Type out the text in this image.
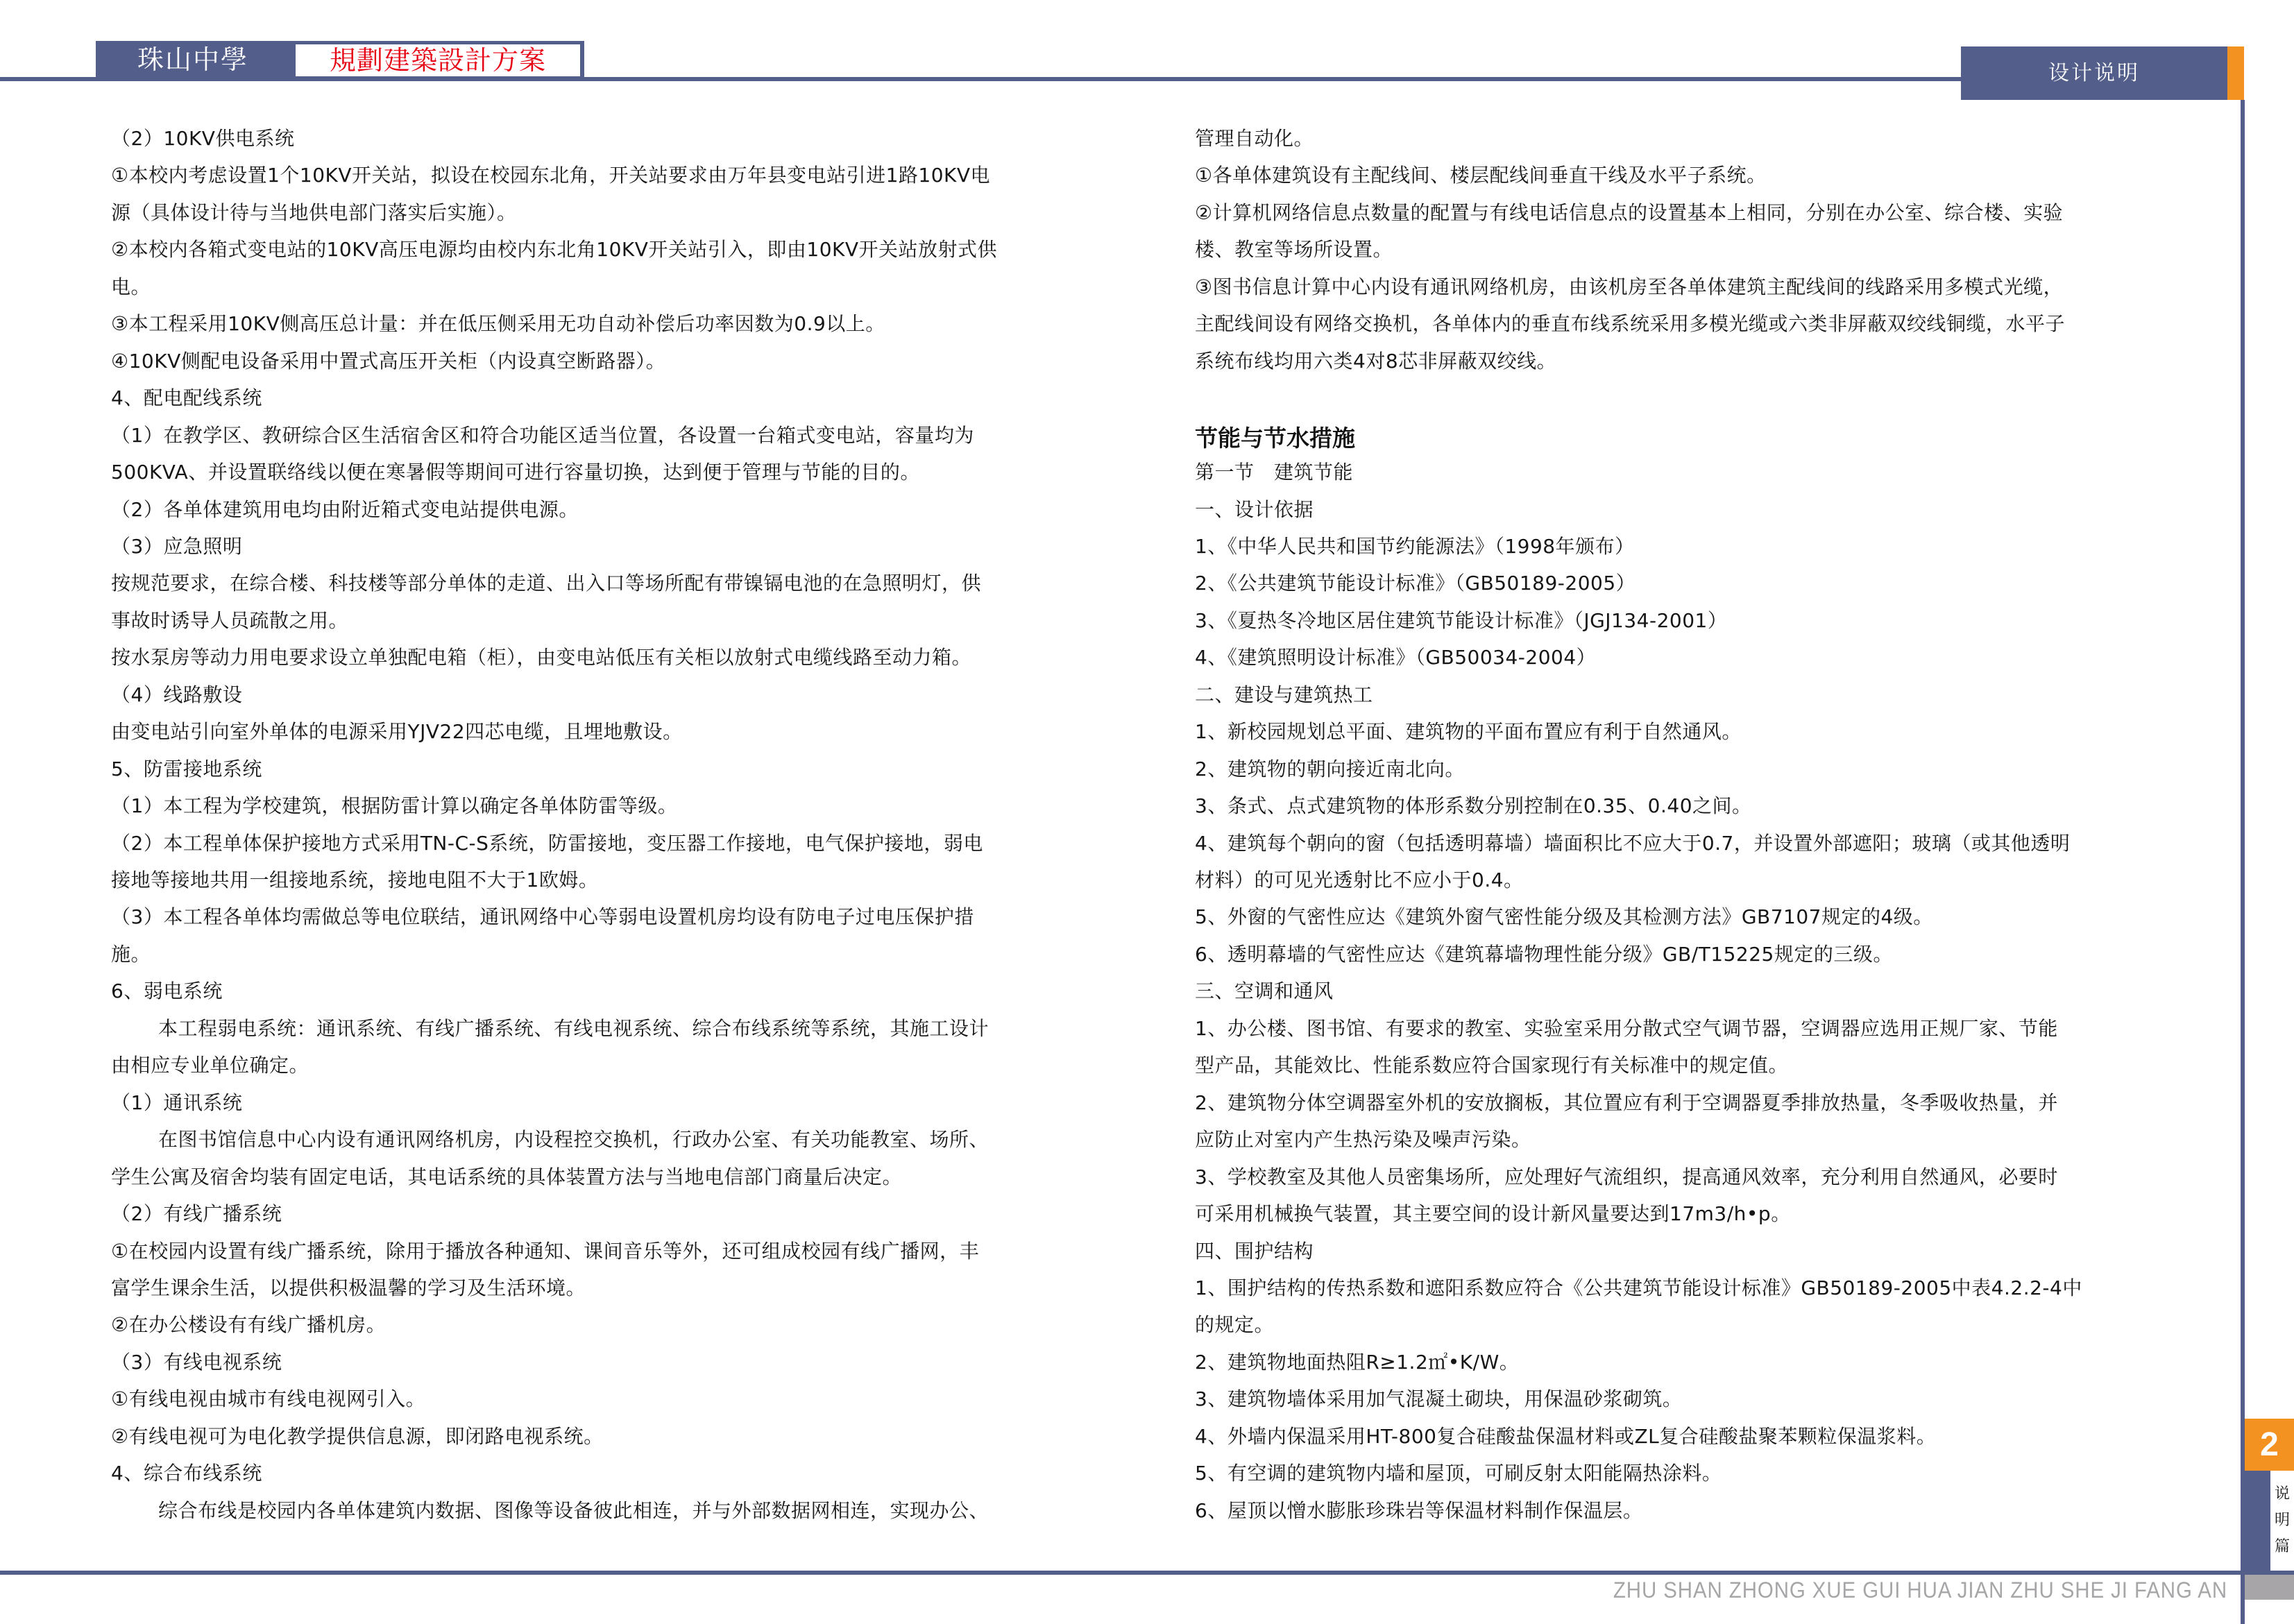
珠山中學	規劃建築設計方案	设计说明
（2）10KV供电系统
①本校内考虑设置1个10KV开关站，拟设在校园东北角，开关站要求由万年县变电站引进1路10KV电
源（具体设计待与当地供电部门落实后实施）。
②本校内各箱式变电站的10KV高压电源均由校内东北角10KV开关站引入，即由10KV开关站放射式供
电。
③本工程采用10KV侧高压总计量：并在低压侧采用无功自动补偿后功率因数为0.9以上。
④10KV侧配电设备采用中置式高压开关柜（内设真空断路器）。
4、配电配线系统
（1）在教学区、教研综合区生活宿舍区和符合功能区适当位置，各设置一台箱式变电站，容量均为
500KVA、并设置联络线以便在寒暑假等期间可进行容量切换，达到便于管理与节能的目的。
（2）各单体建筑用电均由附近箱式变电站提供电源。
（3）应急照明
按规范要求，在综合楼、科技楼等部分单体的走道、出入口等场所配有带镍镉电池的在急照明灯，供
事故时诱导人员疏散之用。
按水泵房等动力用电要求设立单独配电箱（柜），由变电站低压有关柜以放射式电缆线路至动力箱。
（4）线路敷设
由变电站引向室外单体的电源采用YJV22四芯电缆，且埋地敷设。
5、防雷接地系统
（1）本工程为学校建筑，根据防雷计算以确定各单体防雷等级。
（2）本工程单体保护接地方式采用TN-C-S系统，防雷接地，变压器工作接地，电气保护接地，弱电
接地等接地共用一组接地系统，接地电阻不大于1欧姆。
（3）本工程各单体均需做总等电位联结，通讯网络中心等弱电设置机房均设有防电子过电压保护措
施。
6、弱电系统
本工程弱电系统：通讯系统、有线广播系统、有线电视系统、综合布线系统等系统，其施工设计
由相应专业单位确定。
（1）通讯系统
在图书馆信息中心内设有通讯网络机房，内设程控交换机，行政办公室、有关功能教室、场所、
学生公寓及宿舍均装有固定电话，其电话系统的具体装置方法与当地电信部门商量后决定。
（2）有线广播系统
①在校园内设置有线广播系统，除用于播放各种通知、课间音乐等外，还可组成校园有线广播网，丰
富学生课余生活，以提供积极温馨的学习及生活环境。
②在办公楼设有有线广播机房。
（3）有线电视系统
①有线电视由城市有线电视网引入。
②有线电视可为电化教学提供信息源，即闭路电视系统。
4、综合布线系统
综合布线是校园内各单体建筑内数据、图像等设备彼此相连，并与外部数据网相连，实现办公、
管理自动化。
①各单体建筑设有主配线间、楼层配线间垂直干线及水平子系统。
②计算机网络信息点数量的配置与有线电话信息点的设置基本上相同，分别在办公室、综合楼、实验
楼、教室等场所设置。
③图书信息计算中心内设有通讯网络机房，由该机房至各单体建筑主配线间的线路采用多模式光缆，
主配线间设有网络交换机，各单体内的垂直布线系统采用多模光缆或六类非屏蔽双绞线铜缆，水平子
系统布线均用六类4对8芯非屏蔽双绞线。
节能与节水措施
第一节　建筑节能
一、设计依据
1、《中华人民共和国节约能源法》（1998年颁布）
2、《公共建筑节能设计标准》（GB50189-2005）
3、《夏热冬冷地区居住建筑节能设计标准》（JGJ134-2001）
4、《建筑照明设计标准》（GB50034-2004）
二、建设与建筑热工
1、新校园规划总平面、建筑物的平面布置应有利于自然通风。
2、建筑物的朝向接近南北向。
3、条式、点式建筑物的体形系数分别控制在0.35、0.40之间。
4、建筑每个朝向的窗（包括透明幕墙）墙面积比不应大于0.7，并设置外部遮阳；玻璃（或其他透明
材料）的可见光透射比不应小于0.4。
5、外窗的气密性应达《建筑外窗气密性能分级及其检测方法》GB7107规定的4级。
6、透明幕墙的气密性应达《建筑幕墙物理性能分级》GB/T15225规定的三级。
三、空调和通风
1、办公楼、图书馆、有要求的教室、实验室采用分散式空气调节器，空调器应选用正规厂家、节能
型产品，其能效比、性能系数应符合国家现行有关标准中的规定值。
2、建筑物分体空调器室外机的安放搁板，其位置应有利于空调器夏季排放热量，冬季吸收热量，并
应防止对室内产生热污染及噪声污染。
3、学校教室及其他人员密集场所，应处理好气流组织，提高通风效率，充分利用自然通风，必要时
可采用机械换气装置，其主要空间的设计新风量要达到17m3/h•p。
四、围护结构
1、围护结构的传热系数和遮阳系数应符合《公共建筑节能设计标准》GB50189-2005中表4.2.2-4中
的规定。
2、建筑物地面热阻R≥1.2㎡•K/W。
3、建筑物墙体采用加气混凝土砌块，用保温砂浆砌筑。
4、外墙内保温采用HT-800复合硅酸盐保温材料或ZL复合硅酸盐聚苯颗粒保温浆料。
5、有空调的建筑物内墙和屋顶，可刷反射太阳能隔热涂料。
6、屋顶以憎水膨胀珍珠岩等保温材料制作保温层。
2
说
明
篇
ZHU SHAN ZHONG XUE GUI HUA JIAN ZHU SHE JI FANG AN
